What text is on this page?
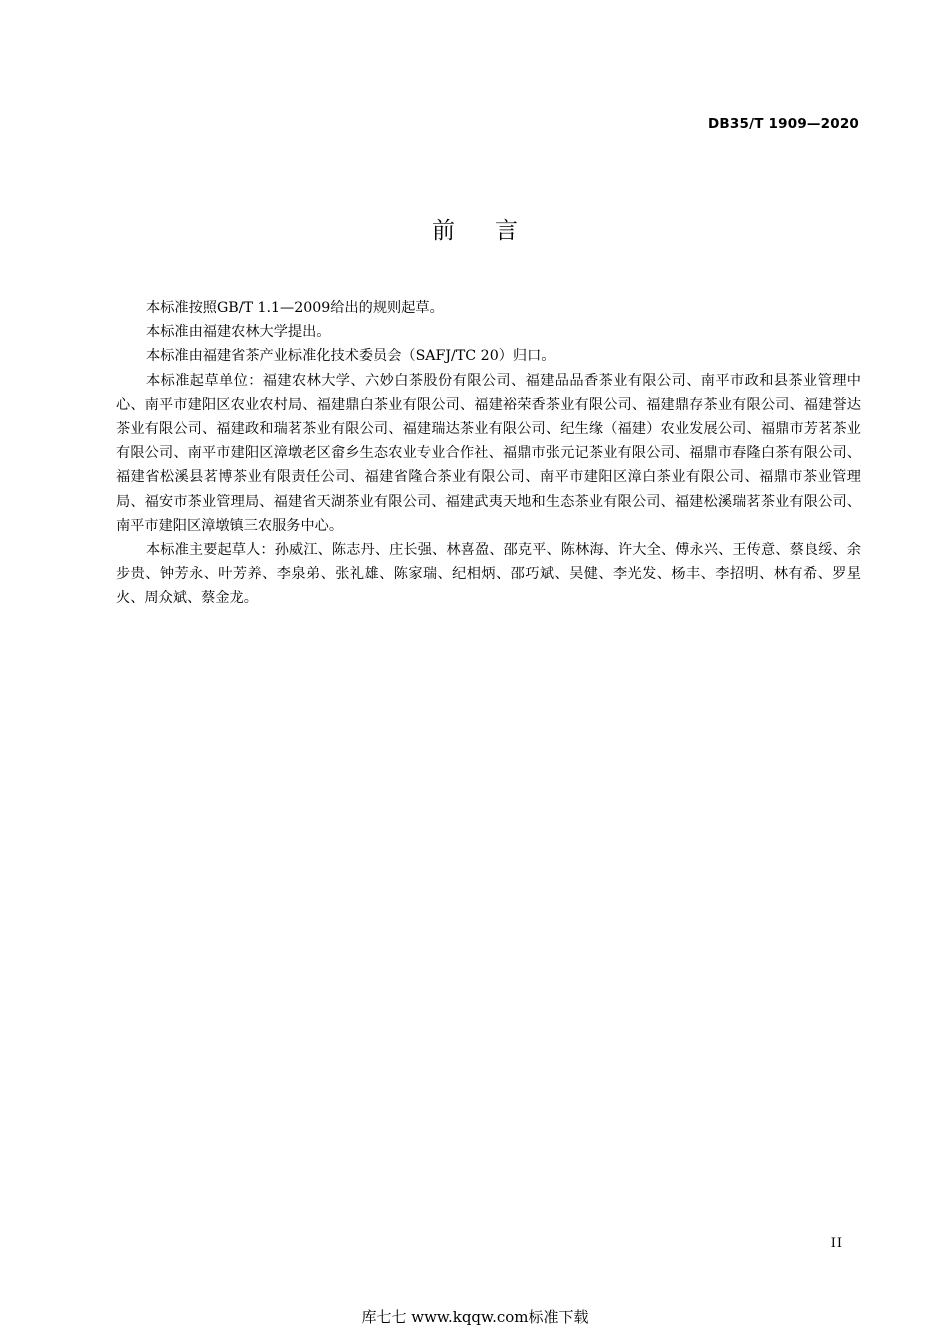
DB35/T 1909—2020
前言

本标准按照GB/T 1.1—2009给出的规则起草。

本标准由福建农林大学提出。

本标准由福建省茶产业标准化技术委员会（SAFJ/TC 20）归口。

本标准起草单位：福建农林大学、六妙白茶股份有限公司、福建品品香茶业有限公司、南平市政和县茶业管理中心、南平市建阳区农业农村局、福建鼎白茶业有限公司、福建裕荣香茶业有限公司、福建鼎存茶业有限公司、福建誉达茶业有限公司、福建政和瑞茗茶业有限公司、福建瑞达茶业有限公司、纪生缘（福建）农业发展公司、福鼎市芳茗茶业有限公司、南平市建阳区漳墩老区畲乡生态农业专业合作社、福鼎市张元记茶业有限公司、福鼎市春隆白茶有限公司、福建省松溪县茗博茶业有限责任公司、福建省隆合茶业有限公司、南平市建阳区漳白茶业有限公司、福鼎市茶业管理局、福安市茶业管理局、福建省天湖茶业有限公司、福建武夷天地和生态茶业有限公司、福建松溪瑞茗茶业有限公司、南平市建阳区漳墩镇三农服务中心。

本标准主要起草人：孙威江、陈志丹、庄长强、林喜盈、邵克平、陈林海、许大全、傅永兴、王传意、蔡良绥、余步贵、钟芳永、叶芳养、李泉弟、张礼雄、陈家瑞、纪相炳、邵巧斌、吴健、李光发、杨丰、李招明、林有希、罗星火、周众斌、蔡金龙。

II
库七七 www.kqqw.com标准下载
